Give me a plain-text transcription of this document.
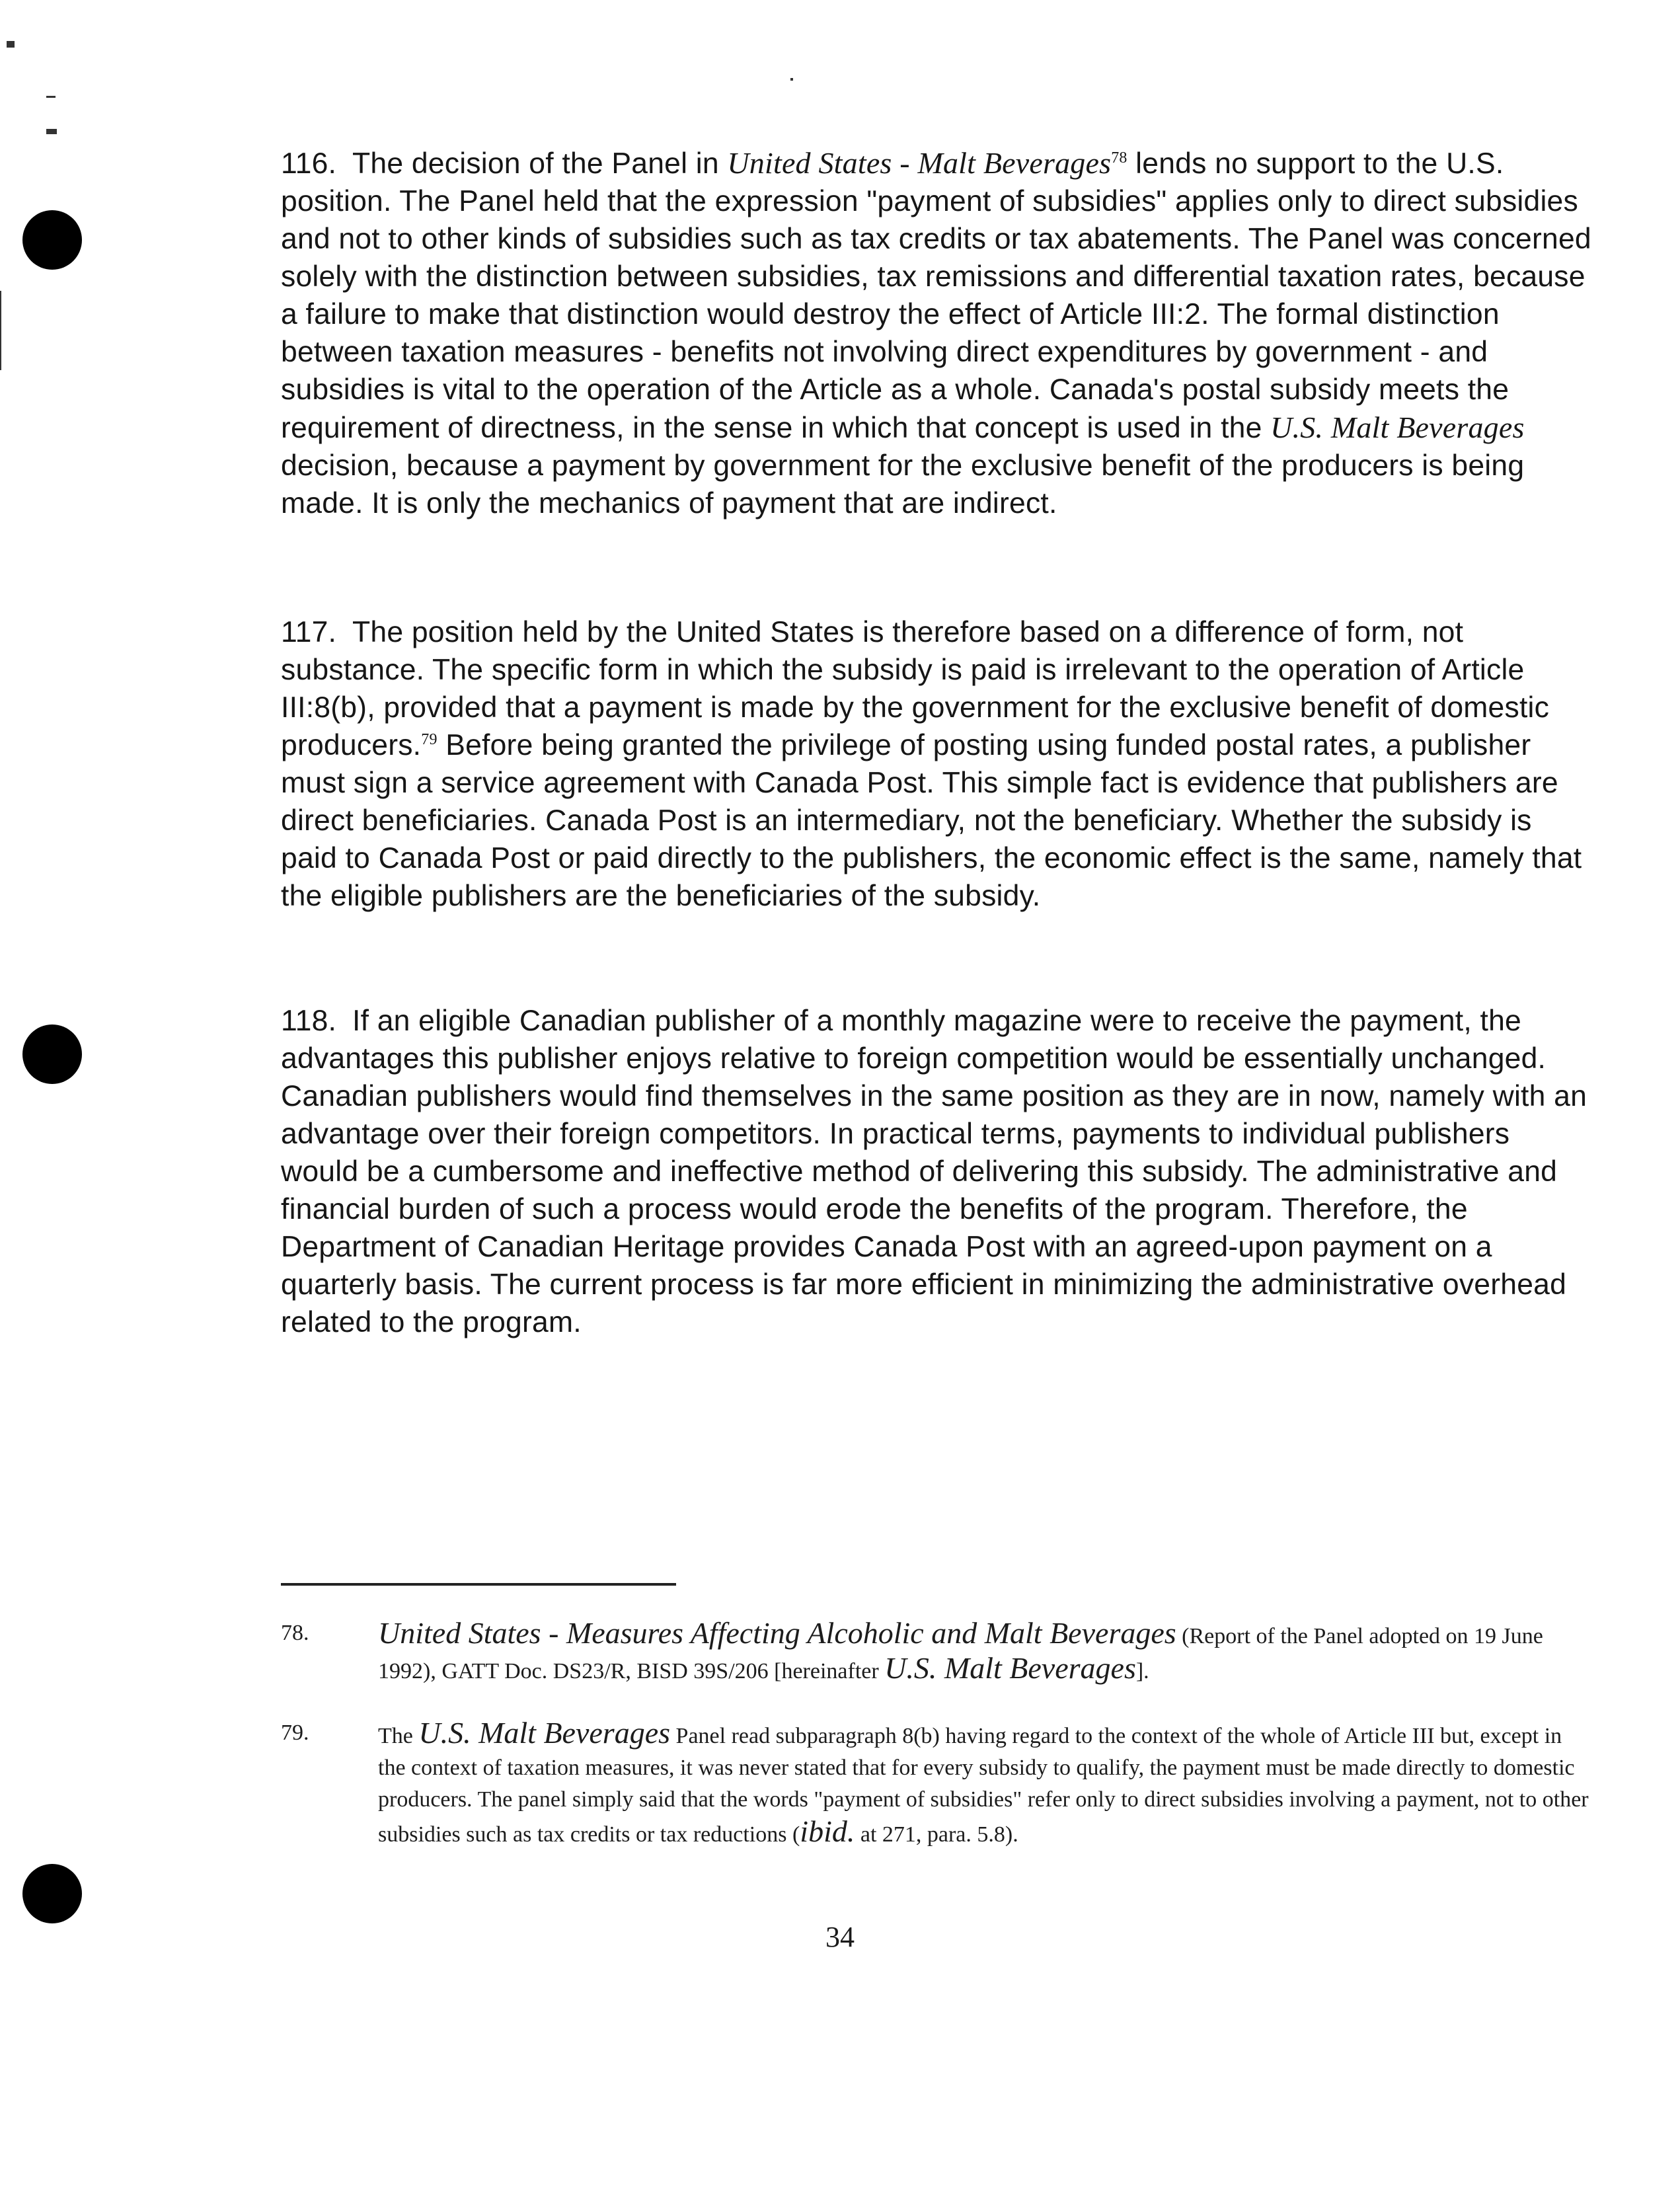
116. The decision of the Panel in United States - Malt Beverages$^{78}$ lends no support to the U.S. position. The Panel held that the expression "payment of subsidies" applies only to direct subsidies and not to other kinds of subsidies such as tax credits or tax abatements. The Panel was concerned solely with the distinction between subsidies, tax remissions and differential taxation rates, because a failure to make that distinction would destroy the effect of Article III:2. The formal distinction between taxation measures - benefits not involving direct expenditures by government - and subsidies is vital to the operation of the Article as a whole. Canada's postal subsidy meets the requirement of directness, in the sense in which that concept is used in the U.S. Malt Beverages decision, because a payment by government for the exclusive benefit of the producers is being made. It is only the mechanics of payment that are indirect.

117. The position held by the United States is therefore based on a difference of form, not substance. The specific form in which the subsidy is paid is irrelevant to the operation of Article III:8(b), provided that a payment is made by the government for the exclusive benefit of domestic producers.$^{79}$ Before being granted the privilege of posting using funded postal rates, a publisher must sign a service agreement with Canada Post. This simple fact is evidence that publishers are direct beneficiaries. Canada Post is an intermediary, not the beneficiary. Whether the subsidy is paid to Canada Post or paid directly to the publishers, the economic effect is the same, namely that the eligible publishers are the beneficiaries of the subsidy.

118. If an eligible Canadian publisher of a monthly magazine were to receive the payment, the advantages this publisher enjoys relative to foreign competition would be essentially unchanged. Canadian publishers would find themselves in the same position as they are in now, namely with an advantage over their foreign competitors. In practical terms, payments to individual publishers would be a cumbersome and ineffective method of delivering this subsidy. The administrative and financial burden of such a process would erode the benefits of the program. Therefore, the Department of Canadian Heritage provides Canada Post with an agreed-upon payment on a quarterly basis. The current process is far more efficient in minimizing the administrative overhead related to the program.

78.	United States - Measures Affecting Alcoholic and Malt Beverages (Report of the Panel adopted on 19 June 1992), GATT Doc. DS23/R, BISD 39S/206 [hereinafter U.S. Malt Beverages].
79.	The U.S. Malt Beverages Panel read subparagraph 8(b) having regard to the context of the whole of Article III but, except in the context of taxation measures, it was never stated that for every subsidy to qualify, the payment must be made directly to domestic producers. The panel simply said that the words "payment of subsidies" refer only to direct subsidies involving a payment, not to other subsidies such as tax credits or tax reductions (ibid. at 271, para. 5.8).
34
